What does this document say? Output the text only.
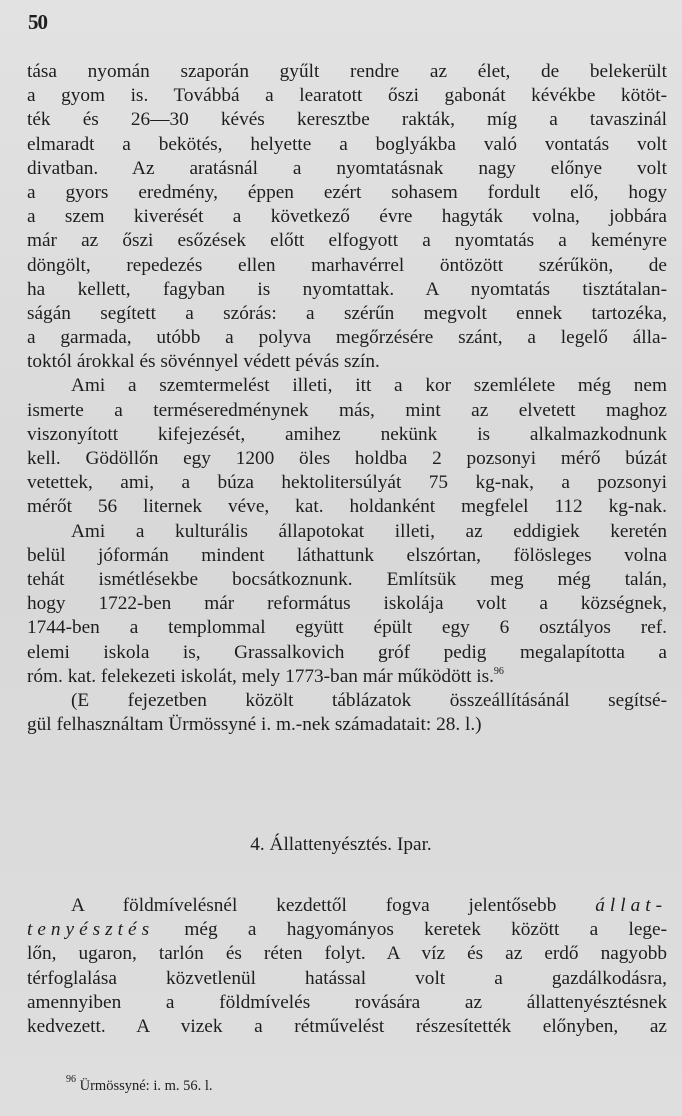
50
tása nyomán szaporán gyűlt rendre az élet, de belekerült
a gyom is. Továbbá a learatott őszi gabonát kévékbe kötöt-
ték és 26—30 kévés keresztbe rakták, míg a tavaszinál
elmaradt a bekötés, helyette a boglyákba való vontatás volt
divatban. Az aratásnál a nyomtatásnak nagy előnye volt
a gyors eredmény, éppen ezért sohasem fordult elő, hogy
a szem kiverését a következő évre hagyták volna, jobbára
már az őszi esőzések előtt elfogyott a nyomtatás a keményre
döngölt, repedezés ellen marhavérrel öntözött szérűkön, de
ha kellett, fagyban is nyomtattak. A nyomtatás tisztátalan-
ságán segített a szórás: a szérűn megvolt ennek tartozéka,
a garmada, utóbb a polyva megőrzésére szánt, a legelő álla-
toktól árokkal és sövénnyel védett pévás szín.
Ami a szemtermelést illeti, itt a kor szemlélete még nem
ismerte a terméseredménynek más, mint az elvetett maghoz
viszonyított kifejezését, amihez nekünk is alkalmazkodnunk
kell. Gödöllőn egy 1200 öles holdba 2 pozsonyi mérő búzát
vetettek, ami, a búza hektolitersúlyát 75 kg-nak, a pozsonyi
mérőt 56 liternek véve, kat. holdanként megfelel 112 kg-nak.
Ami a kulturális állapotokat illeti, az eddigiek keretén
belül jóformán mindent láthattunk elszórtan, fölösleges volna
tehát ismétlésekbe bocsátkoznunk. Említsük meg még talán,
hogy 1722-ben már református iskolája volt a községnek,
1744-ben a templommal együtt épült egy 6 osztályos ref.
elemi iskola is, Grassalkovich gróf pedig megalapította a
róm. kat. felekezeti iskolát, mely 1773-ban már működött is.$^{96}$
(E fejezetben közölt táblázatok összeállításánál segítsé-
gül felhasználtam Ürmössyné i. m.-nek számadatait: 28. l.)
4. Állattenyésztés. Ipar.
A földmívelésnél kezdettől fogva jelentősebb állat-
tenyésztés még a hagyományos keretek között a lege-
lőn, ugaron, tarlón és réten folyt. A víz és az erdő nagyobb
térfoglalása közvetlenül hatással volt a gazdálkodásra,
amennyiben a földmívelés rovására az állattenyésztésnek
kedvezett. A vizek a rétművelést részesítették előnyben, az
$^{96}$ Ürmössyné: i. m. 56. l.
